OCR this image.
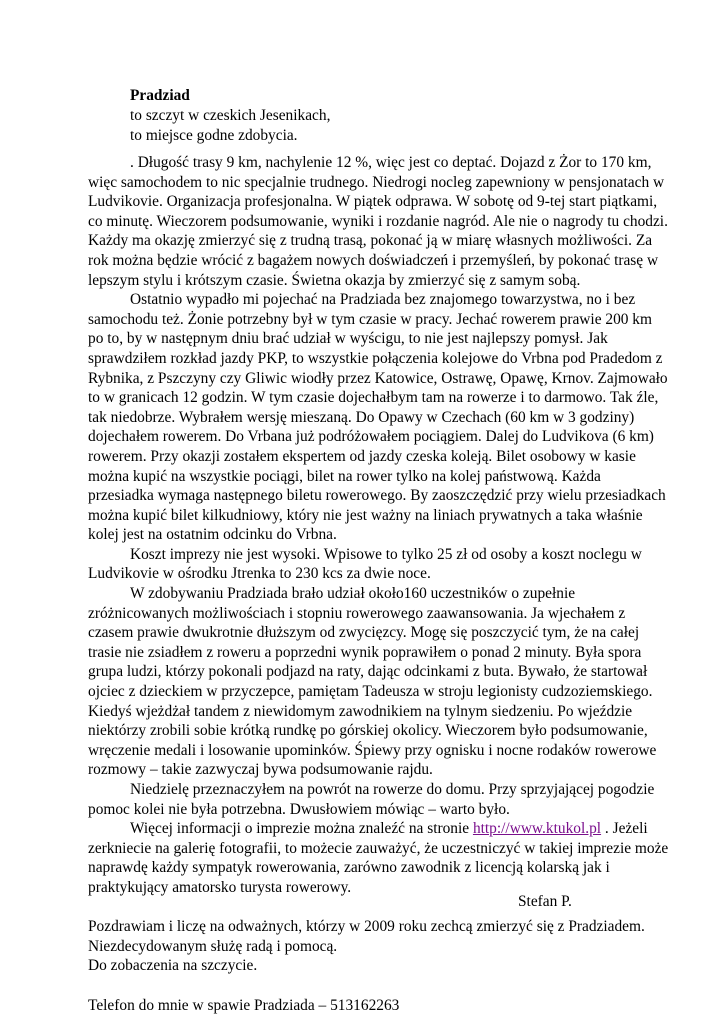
Pradziad
to szczyt w czeskich Jesenikach,
to miejsce godne zdobycia.
. Długość trasy 9 km, nachylenie 12 %, więc jest co deptać. Dojazd z Żor to 170 km,
więc samochodem to nic specjalnie trudnego. Niedrogi nocleg zapewniony w pensjonatach w
Ludvikovie. Organizacja profesjonalna. W piątek odprawa. W sobotę od 9-tej start piątkami,
co minutę. Wieczorem podsumowanie, wyniki i rozdanie nagród. Ale nie o nagrody tu chodzi.
Każdy ma okazję zmierzyć się z trudną trasą, pokonać ją w miarę własnych możliwości. Za
rok można będzie wrócić z bagażem nowych doświadczeń i przemyśleń, by pokonać trasę w
lepszym stylu i krótszym czasie. Świetna okazja by zmierzyć się z samym sobą.
Ostatnio wypadło mi pojechać na Pradziada bez znajomego towarzystwa, no i bez
samochodu też. Żonie potrzebny był w tym czasie w pracy. Jechać rowerem prawie 200 km
po to, by w następnym dniu brać udział w wyścigu, to nie jest najlepszy pomysł. Jak
sprawdziłem rozkład jazdy PKP, to wszystkie połączenia kolejowe do Vrbna pod Pradedom z
Rybnika, z Pszczyny czy Gliwic wiodły przez Katowice, Ostrawę, Opawę, Krnov. Zajmowało
to w granicach 12 godzin. W tym czasie dojechałbym tam na rowerze i to darmowo. Tak źle,
tak niedobrze. Wybrałem wersję mieszaną. Do Opawy w Czechach (60 km w 3 godziny)
dojechałem rowerem. Do Vrbana już podróżowałem pociągiem. Dalej do Ludvikova (6 km)
rowerem. Przy okazji zostałem ekspertem od jazdy czeska koleją. Bilet osobowy w kasie
można kupić na wszystkie pociągi, bilet na rower tylko na kolej państwową. Każda
przesiadka wymaga następnego biletu rowerowego. By zaoszczędzić przy wielu przesiadkach
można kupić bilet kilkudniowy, który nie jest ważny na liniach prywatnych a taka właśnie
kolej jest na ostatnim odcinku do Vrbna.
Koszt imprezy nie jest wysoki. Wpisowe to tylko 25 zł od osoby a koszt noclegu w
Ludvikovie w ośrodku Jtrenka to 230 kcs za dwie noce.
W zdobywaniu Pradziada brało udział około160 uczestników o zupełnie
zróżnicowanych możliwościach i stopniu rowerowego zaawansowania. Ja wjechałem z
czasem prawie dwukrotnie dłuższym od zwycięzcy. Mogę się poszczycić tym, że na całej
trasie nie zsiadłem z roweru a poprzedni wynik poprawiłem o ponad 2 minuty. Była spora
grupa ludzi, którzy pokonali podjazd na raty, dając odcinkami z buta. Bywało, że startował
ojciec z dzieckiem w przyczepce, pamiętam Tadeusza w stroju legionisty cudzoziemskiego.
Kiedyś wjeżdżał tandem z niewidomym zawodnikiem na tylnym siedzeniu. Po wjeździe
niektórzy zrobili sobie krótką rundkę po górskiej okolicy. Wieczorem było podsumowanie,
wręczenie medali i losowanie upominków. Śpiewy przy ognisku i nocne rodaków rowerowe
rozmowy – takie zazwyczaj bywa podsumowanie rajdu.
Niedzielę przeznaczyłem na powrót na rowerze do domu. Przy sprzyjającej pogodzie
pomoc kolei nie była potrzebna. Dwusłowiem mówiąc – warto było.
Więcej informacji o imprezie można znaleźć na stronie http://www.ktukol.pl . Jeżeli
zerkniecie na galerię fotografii, to możecie zauważyć, że uczestniczyć w takiej imprezie może
naprawdę każdy sympatyk rowerowania, zarówno zawodnik z licencją kolarską jak i
praktykujący amatorsko turysta rowerowy.
Pozdrawiam i liczę na odważnych, którzy w 2009 roku zechcą zmierzyć się z Pradziadem.
Niezdecydowanym służę radą i pomocą.
Do zobaczenia na szczycie.
Telefon do mnie w spawie Pradziada – 513162263
Stefan P.
